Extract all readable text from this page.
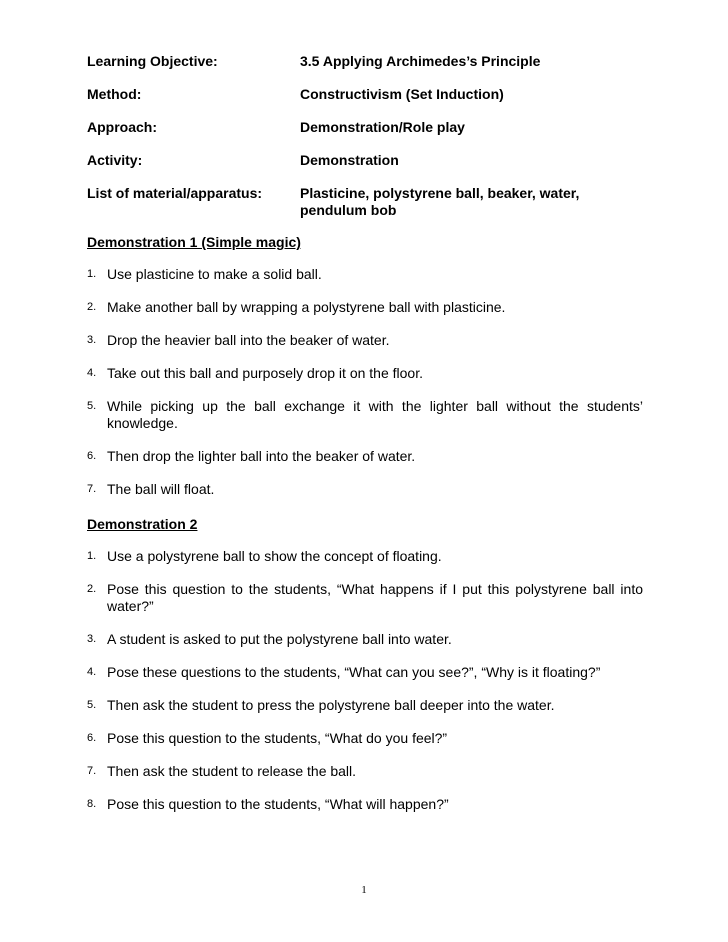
Learning Objective:	3.5 Applying Archimedes’s Principle
Method:	Constructivism (Set Induction)
Approach:	Demonstration/Role play
Activity:	Demonstration
List of material/apparatus:	Plasticine, polystyrene ball, beaker, water, pendulum bob
Demonstration 1 (Simple magic)
1. Use plasticine to make a solid ball.
2. Make another ball by wrapping a polystyrene ball with plasticine.
3. Drop the heavier ball into the beaker of water.
4. Take out this ball and purposely drop it on the floor.
5. While picking up the ball exchange it with the lighter ball without the students’ knowledge.
6. Then drop the lighter ball into the beaker of water.
7. The ball will float.
Demonstration 2
1. Use a polystyrene ball to show the concept of floating.
2. Pose this question to the students, “What happens if I put this polystyrene ball into water?”
3. A student is asked to put the polystyrene ball into water.
4. Pose these questions to the students, “What can you see?”, “Why is it floating?”
5. Then ask the student to press the polystyrene ball deeper into the water.
6. Pose this question to the students, “What do you feel?”
7. Then ask the student to release the ball.
8. Pose this question to the students, “What will happen?”
1
